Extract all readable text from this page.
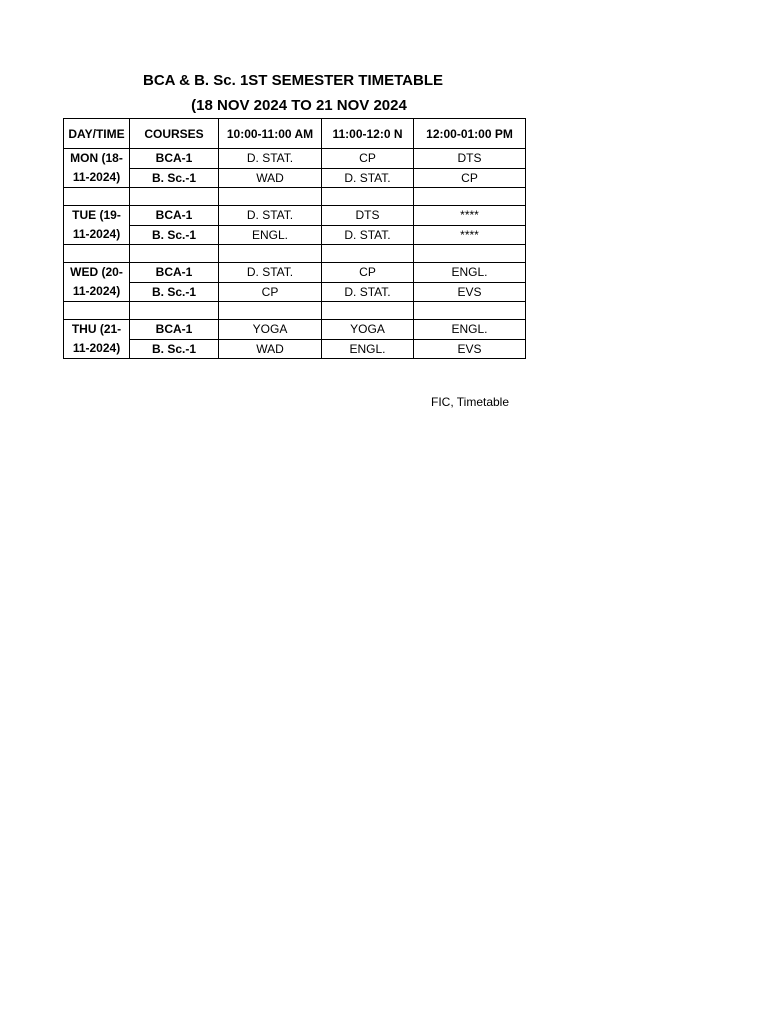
BCA & B. Sc. 1ST SEMESTER TIMETABLE
(18 NOV 2024 TO 21 NOV 2024
DAY/TIME	COURSES	10:00-11:00 AM	11:00-12:0 N	12:00-01:00 PM
MON (18-11-2024)	BCA-1	D. STAT.	CP	DTS
	B. Sc.-1	WAD	D. STAT.	CP

TUE (19-11-2024)	BCA-1	D. STAT.	DTS	****
	B. Sc.-1	ENGL.	D. STAT.	****

WED (20-11-2024)	BCA-1	D. STAT.	CP	ENGL.
	B. Sc.-1	CP	D. STAT.	EVS

THU (21-11-2024)	BCA-1	YOGA	YOGA	ENGL.
	B. Sc.-1	WAD	ENGL.	EVS
FIC, Timetable
